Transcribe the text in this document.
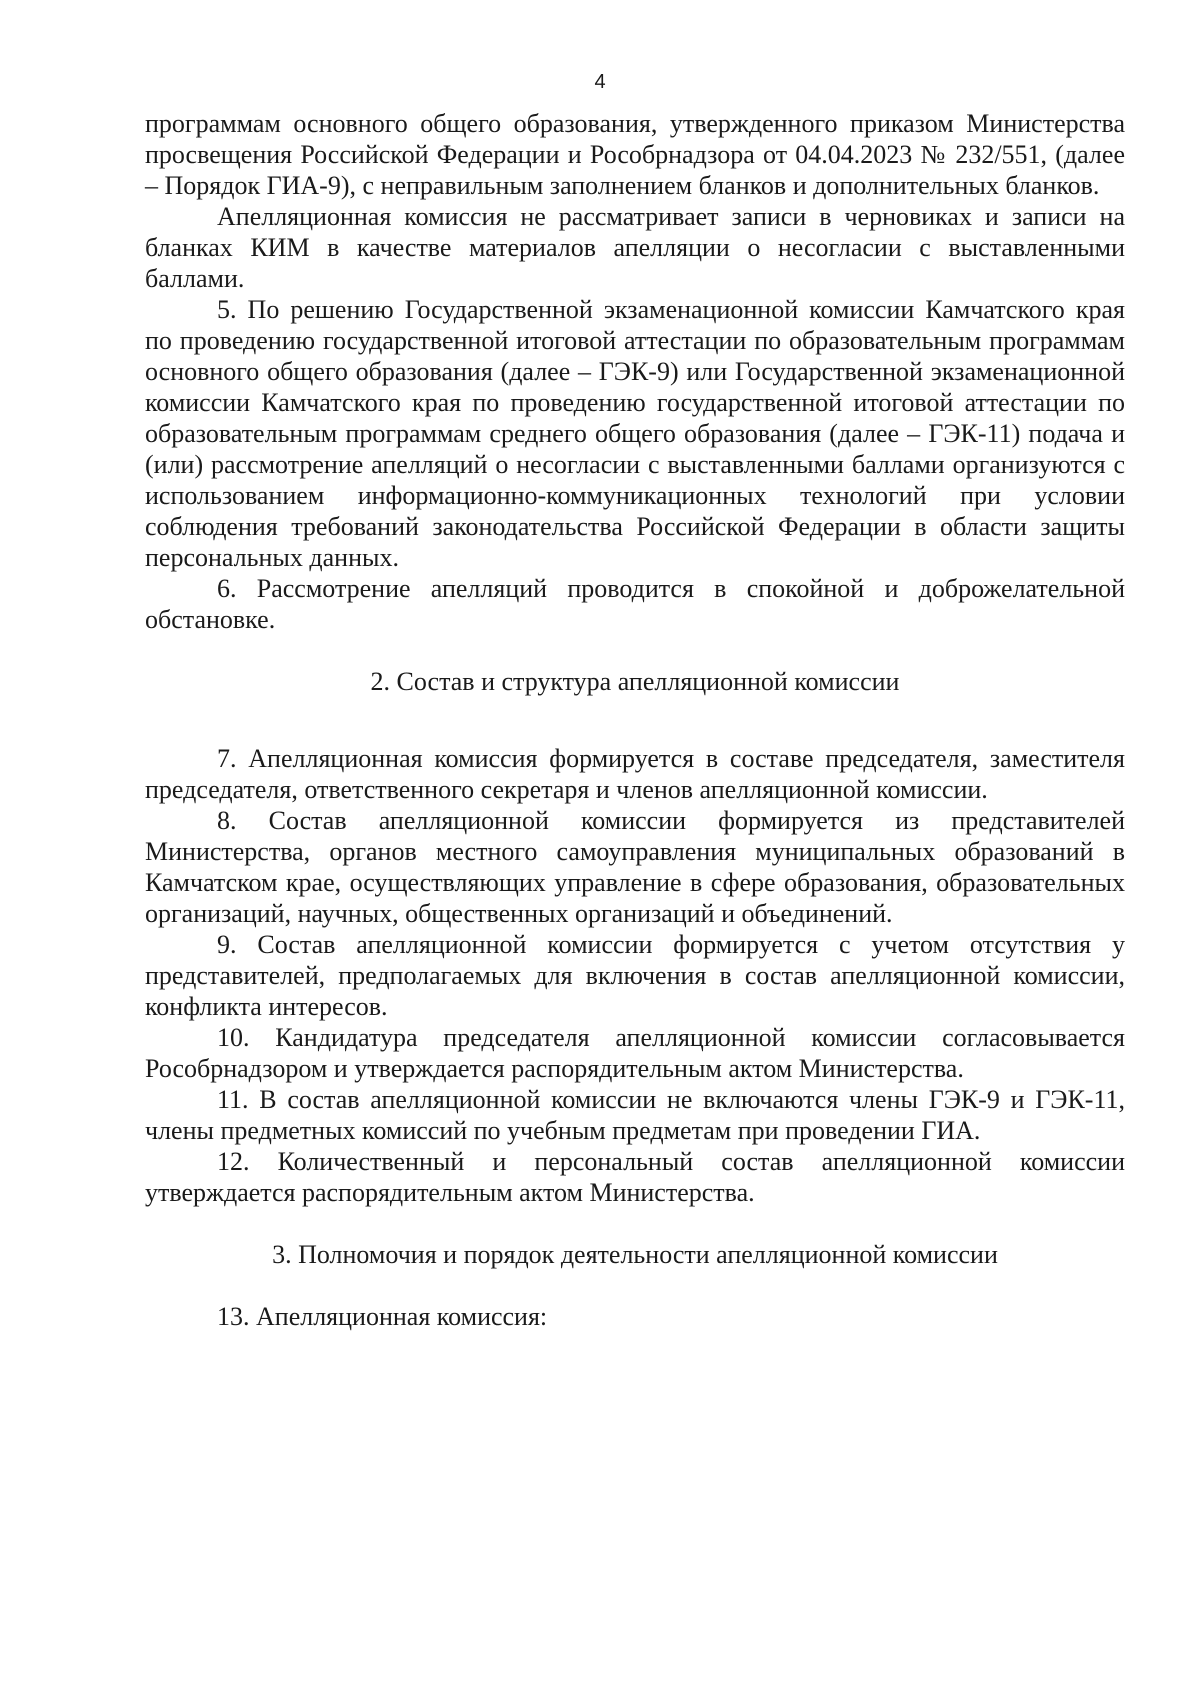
4

программам основного общего образования, утвержденного приказом Министерства просвещения Российской Федерации и Рособрнадзора от 04.04.2023 № 232/551, (далее – Порядок ГИА-9), с неправильным заполнением бланков и дополнительных бланков.

Апелляционная комиссия не рассматривает записи в черновиках и записи на бланках КИМ в качестве материалов апелляции о несогласии с выставленными баллами.

5. По решению Государственной экзаменационной комиссии Камчатского края по проведению государственной итоговой аттестации по образовательным программам основного общего образования (далее – ГЭК-9) или Государственной экзаменационной комиссии Камчатского края по проведению государственной итоговой аттестации по образовательным программам среднего общего образования (далее – ГЭК-11) подача и (или) рассмотрение апелляций о несогласии с выставленными баллами организуются с использованием информационно-коммуникационных технологий при условии соблюдения требований законодательства Российской Федерации в области защиты персональных данных.

6. Рассмотрение апелляций проводится в спокойной и доброжелательной обстановке.

2. Состав и структура апелляционной комиссии

7. Апелляционная комиссия формируется в составе председателя, заместителя председателя, ответственного секретаря и членов апелляционной комиссии.

8. Состав апелляционной комиссии формируется из представителей Министерства, органов местного самоуправления муниципальных образований в Камчатском крае, осуществляющих управление в сфере образования, образовательных организаций, научных, общественных организаций и объединений.

9. Состав апелляционной комиссии формируется с учетом отсутствия у представителей, предполагаемых для включения в состав апелляционной комиссии, конфликта интересов.

10. Кандидатура председателя апелляционной комиссии согласовывается Рособрнадзором и утверждается распорядительным актом Министерства.

11. В состав апелляционной комиссии не включаются члены ГЭК-9 и ГЭК-11, члены предметных комиссий по учебным предметам при проведении ГИА.

12. Количественный и персональный состав апелляционной комиссии утверждается распорядительным актом Министерства.

3. Полномочия и порядок деятельности апелляционной комиссии

13. Апелляционная комиссия:
